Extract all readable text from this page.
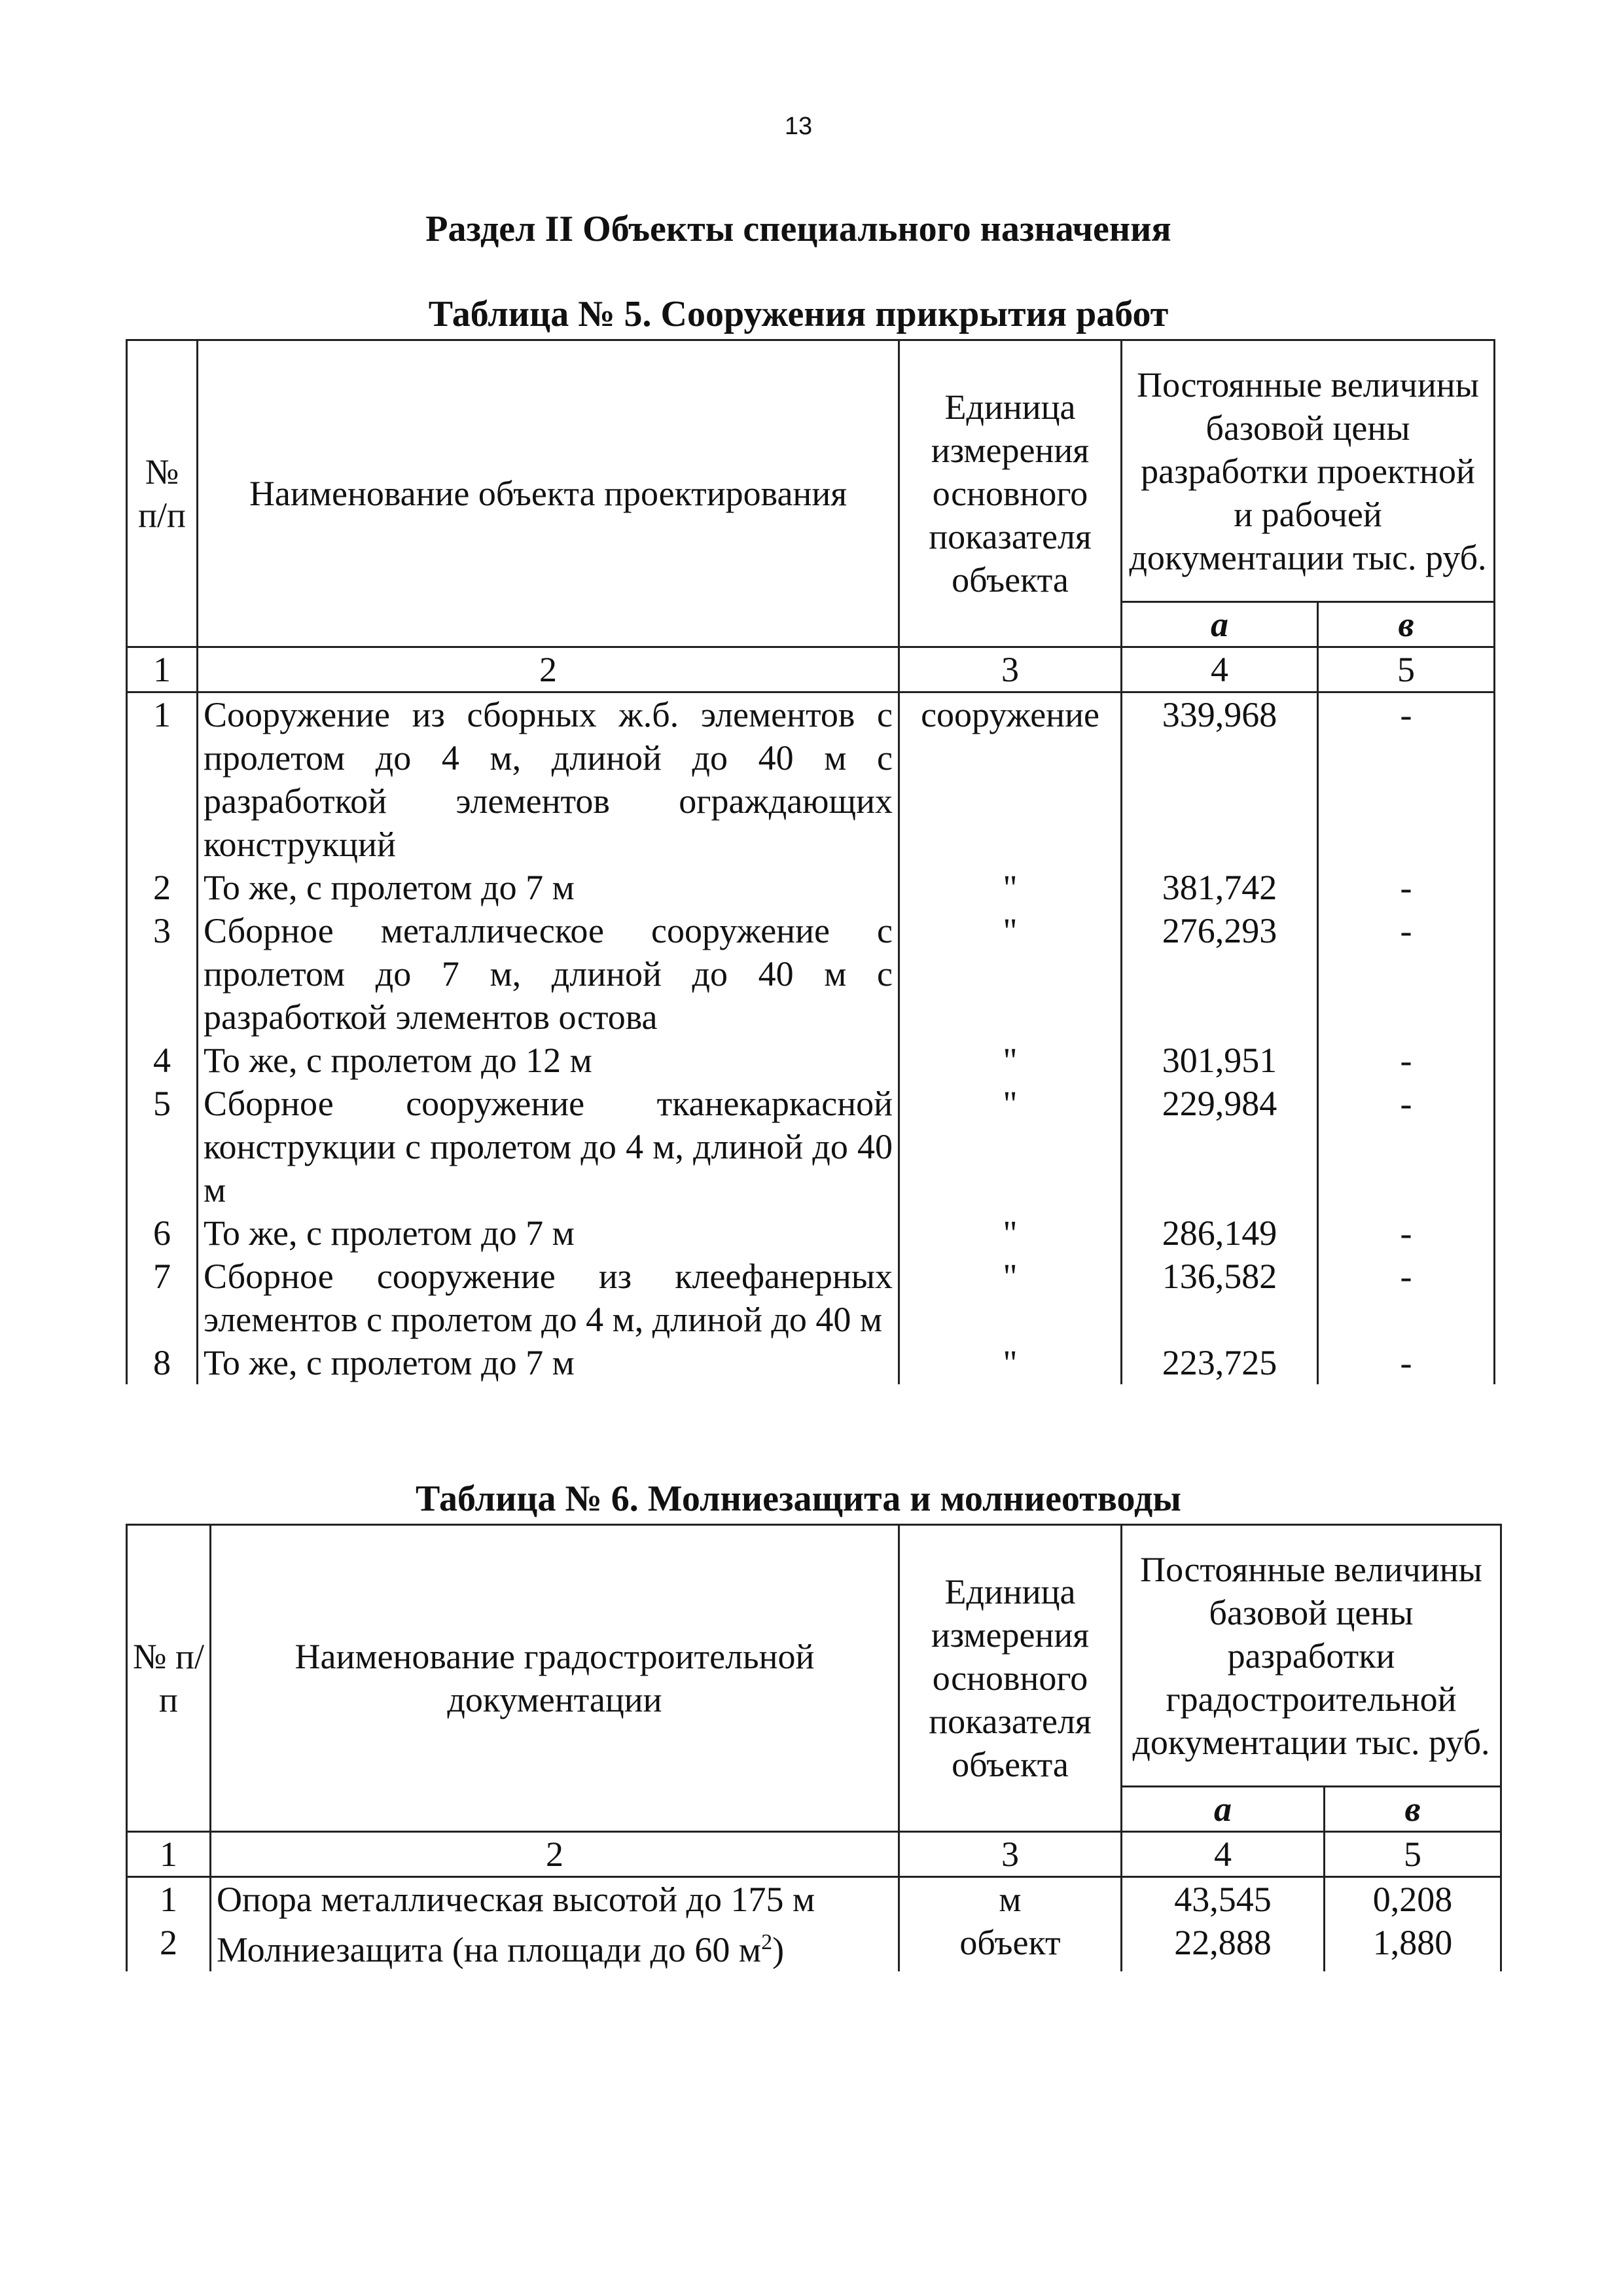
13
Раздел II Объекты специального назначения
Таблица № 5. Сооружения прикрытия работ
№ п/п	Наименование объекта проектирования	Единица измерения основного показателя объекта	Постоянные величины базовой цены разработки проектной и рабочей документации тыс. руб.	
			а	в
1	2	3	4	5
1	Сооружение из сборных ж.б. элементов с пролетом до 4 м, длиной до 40 м с разработкой элементов ограждающих конструкций	сооружение	339,968	-
2	То же, с пролетом до 7 м	"	381,742	-
3	Сборное металлическое сооружение с пролетом до 7 м, длиной до 40 м с разработкой элементов остова	"	276,293	-
4	То же, с пролетом до 12 м	"	301,951	-
5	Сборное сооружение тканекаркасной конструкции с пролетом до 4 м, длиной до 40 м	"	229,984	-
6	То же, с пролетом до 7 м	"	286,149	-
7	Сборное сооружение из клеефанерных элементов с пролетом до 4 м, длиной до 40 м	"	136,582	-
8	То же, с пролетом до 7 м	"	223,725	-
Таблица № 6. Молниезащита и молниеотводы
№ п/п	Наименование градостроительной документации	Единица измерения основного показателя объекта	Постоянные величины базовой цены разработки градостроительной документации тыс. руб.	
			а	в
1	2	3	4	5
1	Опора металлическая высотой до 175 м	м	43,545	0,208
2	Молниезащита (на площади до 60 $м^2$)	объект	22,888	1,880
